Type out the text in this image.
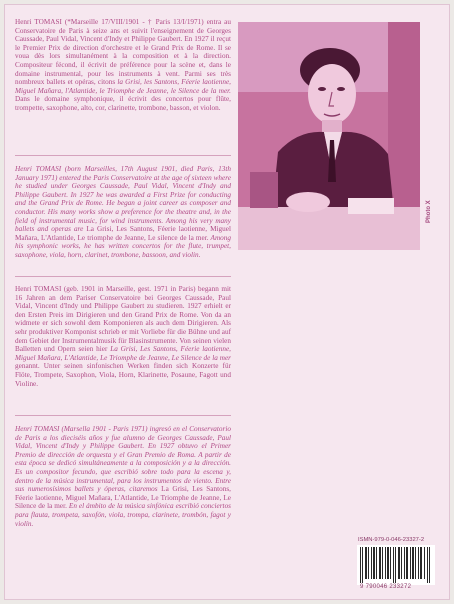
Henri TOMASI (*Marseille 17/VIII/1901 - † Paris 13/I/1971) entra au Conservatoire de Paris à seize ans et suivit l'enseignement de Georges Caussade, Paul Vidal, Vincent d'Indy et Philippe Gaubert. En 1927 il reçut le Premier Prix de direction d'orchestre et le Grand Prix de Rome. Il se voua dès lors simultanément à la composition et à la direction. Compositeur fécond, il écrivit de préférence pour la scène et, dans le domaine instrumental, pour les instruments à vent. Parmi ses très nombreux ballets et opéras, citons la Grisi, les Santons, Féerie laotienne, Miguel Mañara, l'Atlantide, le Triomphe de Jeanne, le Silence de la mer. Dans le domaine symphonique, il écrivit des concertos pour flûte, trompette, saxophone, alto, cor, clarinette, trombone, basson, et violon.

Henri TOMASI (born Marseilles, 17th August 1901, died Paris, 13th January 1971) entered the Paris Conservatoire at the age of sixteen where he studied under Georges Caussade, Paul Vidal, Vincent d'Indy and Philippe Gaubert. In 1927 he was awarded a First Prize for conducting and the Grand Prix de Rome. He began a joint career as composer and conductor. His many works show a preference for the theatre and, in the field of instrumental music, for wind instruments. Among his very many ballets and operas are La Grisi, Les Santons, Féerie laotienne, Miguel Mañara, L'Atlantide, Le triomphe de Jeanne, Le silence de la mer. Among his symphonic works, he has written concertos for the flute, trumpet, saxophone, viola, horn, clarinet, trombone, bassoon, and violin.

Henri TOMASI (geb. 1901 in Marseille, gest. 1971 in Paris) begann mit 16 Jahren an dem Pariser Conservatoire bei Georges Caussade, Paul Vidal, Vincent d'Indy und Philippe Gaubert zu studieren. 1927 erhielt er den Ersten Preis im Dirigieren und den Grand Prix de Rome. Von da an widmete er sich sowohl dem Komponieren als auch dem Dirigieren. Als sehr produktiver Komponist schrieb er mit Vorliebe für die Bühne und auf dem Gebiet der Instrumentalmusik für Blasinstrumente. Von seinen vielen Balletten und Opern seien hier La Grisi, Les Santons, Féerie laotienne, Miguel Mañara, L'Atlantide, Le Triomphe de Jeanne, Le Silence de la mer genannt. Unter seinen sinfonischen Werken finden sich Konzerte für Flöte, Trompete, Saxophon, Viola, Horn, Klarinette, Posaune, Fagott und Violine.

Henri TOMASI (Marsella 1901 - Paris 1971) ingresó en el Conservatorio de Paris a los dieciséis años y fue alumno de Georges Caussade, Paul Vidal, Vincent d'Indy y Philippe Gaubert. En 1927 obtuvo el Primer Premio de dirección de orquesta y el Gran Premio de Roma. A partir de esta época se dedicó simultáneamente a la composición y a la dirección. Es un compositor fecundo, que escribió sobre todo para la escena y, dentro de la música instrumental, para los instrumentos de viento. Entre sus numerosísimos ballets y óperas, citaremos La Grisi, Les Santons, Féerie laotienne, Miguel Mañara, L'Atlantide, Le Triomphe de Jeanne, Le Silence de la mer. En el ámbito de la música sinfónica escribió conciertos para flauta, trompeta, saxofón, viola, trompa, clarinete, trombón, fagot y violín.

Photo X
ISMN-979-0-046-23327-2
9 790046 233272
